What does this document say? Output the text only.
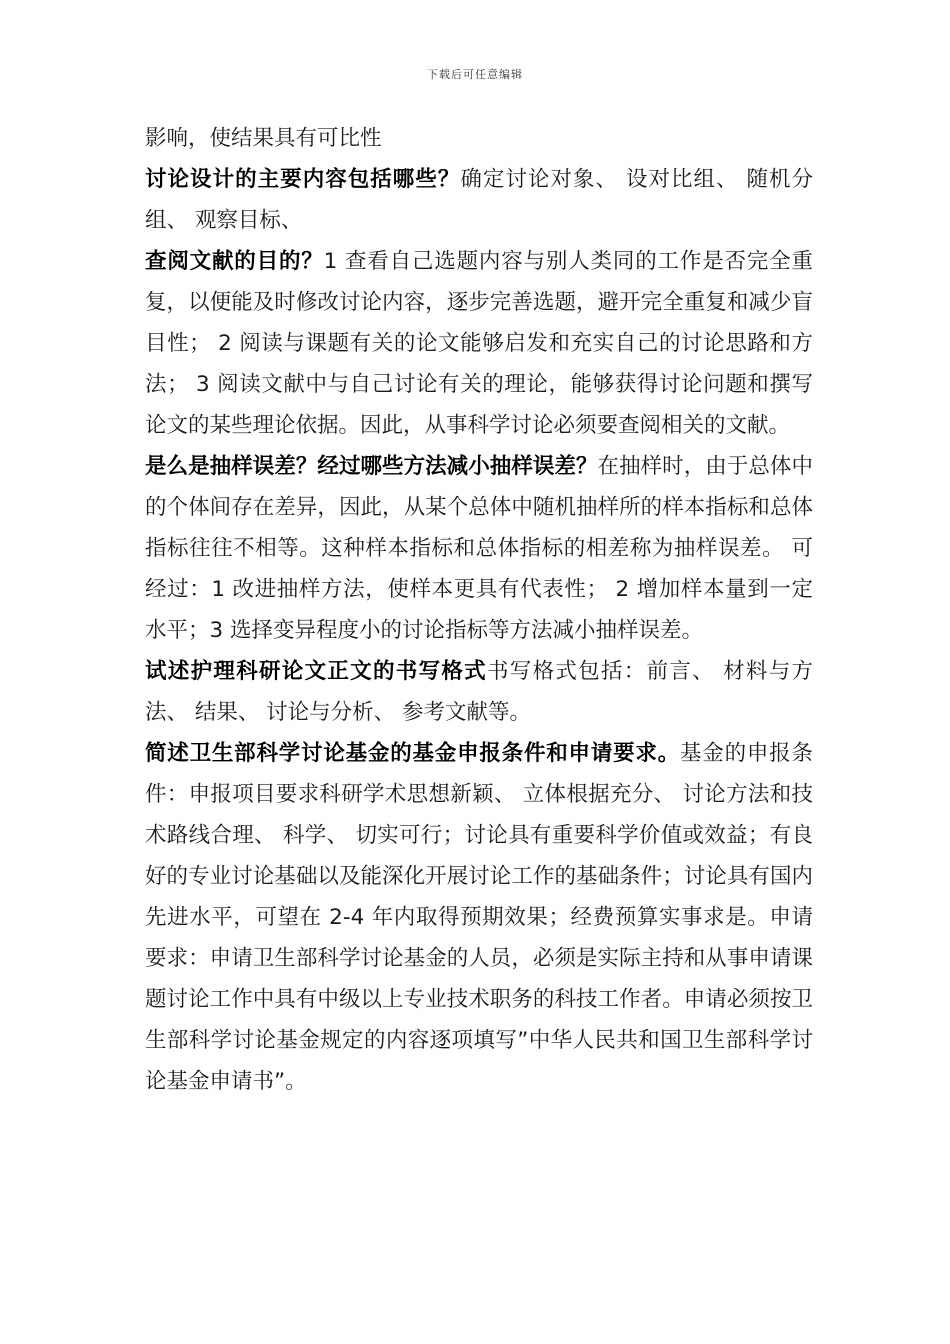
下载后可任意编辑

影响，使结果具有可比性

讨论设计的主要内容包括哪些？确定讨论对象、 设对比组、 随机分组、 观察目标、

查阅文献的目的？1 查看自己选题内容与别人类同的工作是否完全重复，以便能及时修改讨论内容，逐步完善选题，避开完全重复和减少盲目性； 2 阅读与课题有关的论文能够启发和充实自己的讨论思路和方法； 3 阅读文献中与自己讨论有关的理论，能够获得讨论问题和撰写论文的某些理论依据。因此，从事科学讨论必须要查阅相关的文献。

是么是抽样误差？经过哪些方法减小抽样误差？在抽样时，由于总体中的个体间存在差异，因此，从某个总体中随机抽样所的样本指标和总体指标往往不相等。这种样本指标和总体指标的相差称为抽样误差。 可经过：1 改进抽样方法，使样本更具有代表性； 2 增加样本量到一定水平；3 选择变异程度小的讨论指标等方法减小抽样误差。

试述护理科研论文正文的书写格式书写格式包括：前言、 材料与方法、 结果、 讨论与分析、 参考文献等。

简述卫生部科学讨论基金的基金申报条件和申请要求。基金的申报条件：申报项目要求科研学术思想新颖、 立体根据充分、 讨论方法和技术路线合理、 科学、 切实可行；讨论具有重要科学价值或效益；有良好的专业讨论基础以及能深化开展讨论工作的基础条件；讨论具有国内先进水平，可望在 2-4 年内取得预期效果；经费预算实事求是。申请要求：申请卫生部科学讨论基金的人员，必须是实际主持和从事申请课题讨论工作中具有中级以上专业技术职务的科技工作者。申请必须按卫生部科学讨论基金规定的内容逐项填写”中华人民共和国卫生部科学讨论基金申请书”。
